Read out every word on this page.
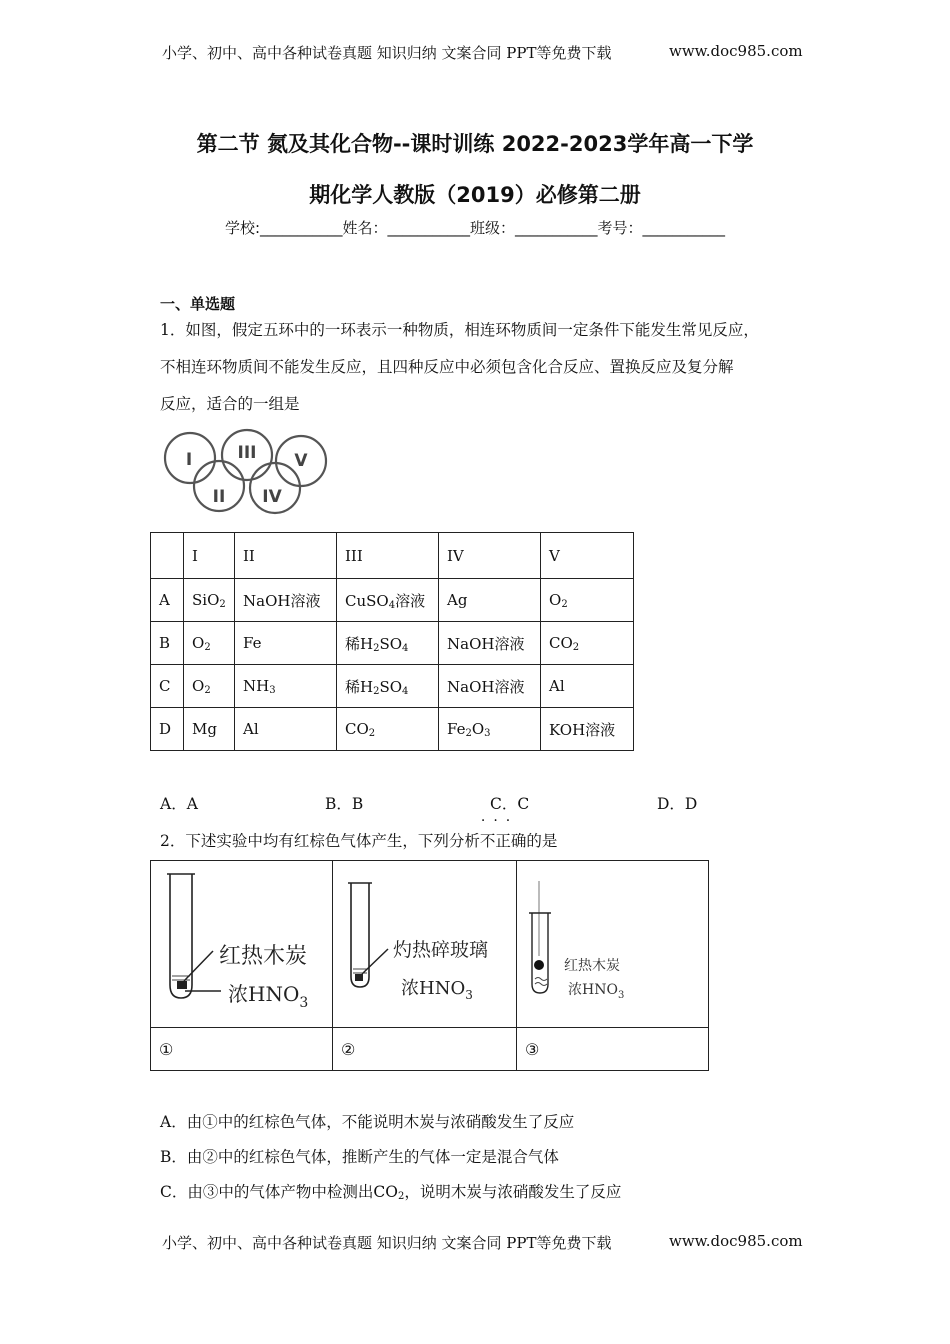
小学、初中、高中各种试卷真题 知识归纳 文案合同 PPT等免费下载	www.doc985.com
第二节 氮及其化合物--课时训练 2022-2023学年高一下学
期化学人教版（2019）必修第二册
学校:___________姓名：___________班级：___________考号：___________
一、单选题
1．如图，假定五环中的一环表示一种物质，相连环物质间一定条件下能发生常见反应，
不相连环物质间不能发生反应，且四种反应中必须包含化合反应、置换反应及复分解
反应，适合的一组是
I	III V
II IV
	I	II	III	IV	V
A	SiO$_2$	NaOH溶液	CuSO$_4$溶液	Ag	$O_2$
B	$O_2$	Fe	稀$H_2SO_4$	NaOH溶液	$CO_2$
C	$O_2$	$NH_3$	稀$H_2SO_4$	NaOH溶液	Al
D	Mg	Al	$CO_2$	$Fe_2O_3$	KOH溶液
A．A	B．B	C．C	D．D
2．下述实验中均有红棕色气体产生，下列分析
···
不正确的是
红热木炭
浓$HNO_3$	灼热碎玻璃
浓$HNO_3$	红热木炭
浓$HNO_3$

①	②	③
A．由①中的红棕色气体，不能说明木炭与浓硝酸发生了反应
B．由②中的红棕色气体，推断产生的气体一定是混合气体
C．由③中的气体产物中检测出$CO_2$，说明木炭与浓硝酸发生了反应
小学、初中、高中各种试卷真题 知识归纳 文案合同 PPT等免费下载	www.doc985.com
